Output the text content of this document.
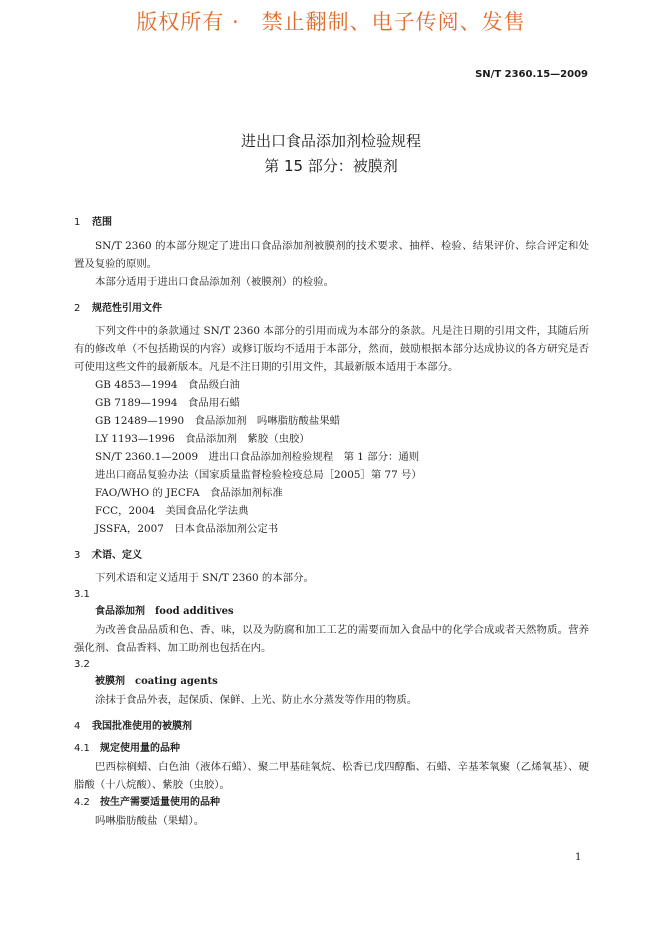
版权所有 ·　禁止翻制、电子传阅、发售
SN/T 2360.15—2009
进出口食品添加剂检验规程
第 15 部分：被膜剂

1 范围

SN/T 2360 的本部分规定了进出口食品添加剂被膜剂的技术要求、抽样、检验、结果评价、综合评定和处置及复验的原则。

本部分适用于进出口食品添加剂（被膜剂）的检验。

2 规范性引用文件

下列文件中的条款通过 SN/T 2360 本部分的引用而成为本部分的条款。凡是注日期的引用文件，其随后所有的修改单（不包括勘误的内容）或修订版均不适用于本部分，然而，鼓励根据本部分达成协议的各方研究是否可使用这些文件的最新版本。凡是不注日期的引用文件，其最新版本适用于本部分。

GB 4853—1994　食品级白油

GB 7189—1994　食品用石蜡

GB 12489—1990　食品添加剂　吗啉脂肪酸盐果蜡

LY 1193—1996　食品添加剂　紫胶（虫胶）

SN/T 2360.1—2009　进出口食品添加剂检验规程　第 1 部分：通则

进出口商品复验办法（国家质量监督检验检疫总局［2005］第 77 号）

FAO/WHO 的 JECFA　食品添加剂标准

FCC，2004　美国食品化学法典

JSSFA，2007　日本食品添加剂公定书

3 术语、定义

下列术语和定义适用于 SN/T 2360 的本部分。

3.1

食品添加剂 food additives

为改善食品品质和色、香、味，以及为防腐和加工工艺的需要而加入食品中的化学合成或者天然物质。营养强化剂、食品香料、加工助剂也包括在内。

3.2

被膜剂 coating agents

涂抹于食品外表，起保质、保鲜、上光、防止水分蒸发等作用的物质。

4 我国批准使用的被膜剂

4.1 规定使用量的品种

巴西棕榈蜡、白色油（液体石蜡）、聚二甲基硅氧烷、松香已戊四醇酯、石蜡、辛基苯氧聚（乙烯氧基）、硬脂酸（十八烷酸）、紫胶（虫胶）。

4.2 按生产需要适量使用的品种

吗啉脂肪酸盐（果蜡）。

1
